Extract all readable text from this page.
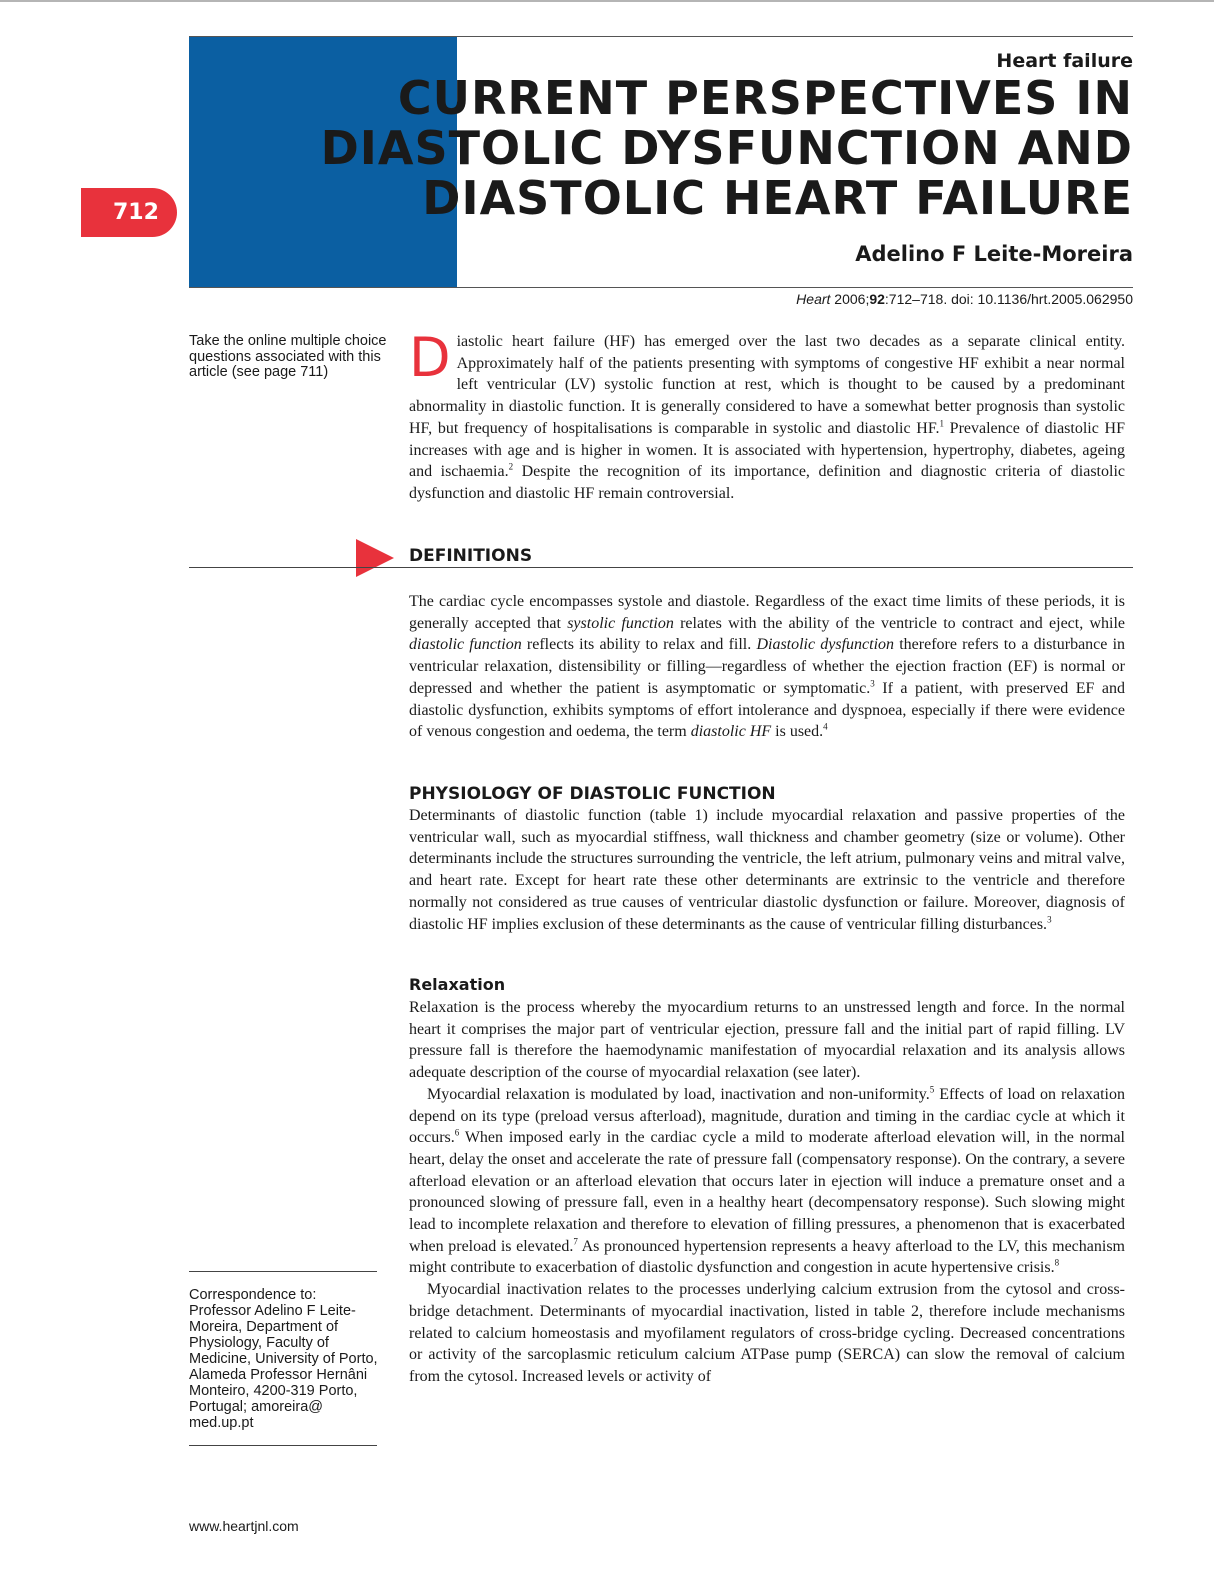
Heart failure
CURRENT PERSPECTIVES IN
DIASTOLIC DYSFUNCTION AND
DIASTOLIC HEART FAILURE
Adelino F Leite-Moreira
Heart 2006;92:712–718. doi: 10.1136/hrt.2005.062950
712
Take the online multiple choice questions associated with this article (see page 711)	Diastolic heart failure (HF) has emerged over the last two decades as a separate clinical entity. Approximately half of the patients presenting with symptoms of congestive HF exhibit a near normal left ventricular (LV) systolic function at rest, which is thought to be caused by a predominant abnormality in diastolic function. It is generally considered to have a somewhat better prognosis than systolic HF, but frequency of hospitalisations is comparable in systolic and diastolic HF.$^1$ Prevalence of diastolic HF increases with age and is higher in women. It is associated with hypertension, hypertrophy, diabetes, ageing and ischaemia.$^2$ Despite the recognition of its importance, definition and diagnostic criteria of diastolic dysfunction and diastolic HF remain controversial.

DEFINITIONS

The cardiac cycle encompasses systole and diastole. Regardless of the exact time limits of these periods, it is generally accepted that systolic function relates with the ability of the ventricle to contract and eject, while diastolic function reflects its ability to relax and fill. Diastolic dysfunction therefore refers to a disturbance in ventricular relaxation, distensibility or filling—regardless of whether the ejection fraction (EF) is normal or depressed and whether the patient is asymptomatic or symptomatic.$^3$ If a patient, with preserved EF and diastolic dysfunction, exhibits symptoms of effort intolerance and dyspnoea, especially if there were evidence of venous congestion and oedema, the term diastolic HF is used.$^4$

PHYSIOLOGY OF DIASTOLIC FUNCTION

Determinants of diastolic function (table 1) include myocardial relaxation and passive properties of the ventricular wall, such as myocardial stiffness, wall thickness and chamber geometry (size or volume). Other determinants include the structures surrounding the ventricle, the left atrium, pulmonary veins and mitral valve, and heart rate. Except for heart rate these other determinants are extrinsic to the ventricle and therefore normally not considered as true causes of ventricular diastolic dysfunction or failure. Moreover, diagnosis of diastolic HF implies exclusion of these determinants as the cause of ventricular filling disturbances.$^3$

Relaxation

Relaxation is the process whereby the myocardium returns to an unstressed length and force. In the normal heart it comprises the major part of ventricular ejection, pressure fall and the initial part of rapid filling. LV pressure fall is therefore the haemodynamic manifestation of myocardial relaxation and its analysis allows adequate description of the course of myocardial relaxation (see later).

Myocardial relaxation is modulated by load, inactivation and non-uniformity.$^5$ Effects of load on relaxation depend on its type (preload versus afterload), magnitude, duration and timing in the cardiac cycle at which it occurs.$^6$ When imposed early in the cardiac cycle a mild to moderate afterload elevation will, in the normal heart, delay the onset and accelerate the rate of pressure fall (compensatory response). On the contrary, a severe afterload elevation or an afterload elevation that occurs later in ejection will induce a premature onset and a pronounced slowing of pressure fall, even in a healthy heart (decompensatory response). Such slowing might lead to incomplete relaxation and therefore to elevation of filling pressures, a phenomenon that is exacerbated when preload is elevated.$^7$ As pronounced hypertension represents a heavy afterload to the LV, this mechanism might contribute to exacerbation of diastolic dysfunction and congestion in acute hypertensive crisis.$^8$

Myocardial inactivation relates to the processes underlying calcium extrusion from the cytosol and cross-bridge detachment. Determinants of myocardial inactivation, listed in table 2, therefore include mechanisms related to calcium homeostasis and myofilament regulators of cross-bridge cycling. Decreased concentrations or activity of the sarcoplasmic reticulum calcium ATPase pump (SERCA) can slow the removal of calcium from the cytosol. Increased levels or activity of

Correspondence to: Professor Adelino F Leite-Moreira, Department of Physiology, Faculty of Medicine, University of Porto, Alameda Professor Hernâni Monteiro, 4200-319 Porto, Portugal; amoreira@ med.up.pt
www.heartjnl.com
